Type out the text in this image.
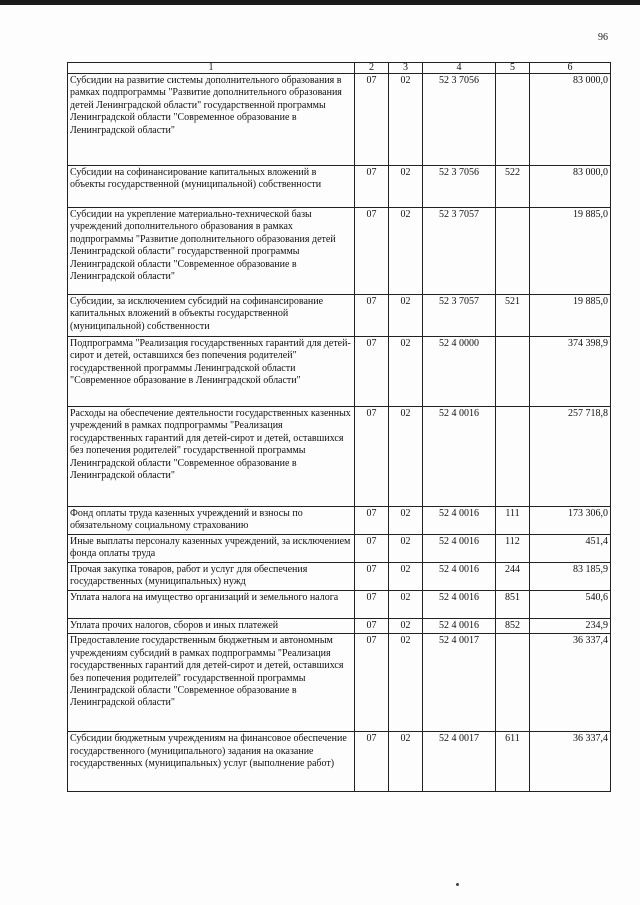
96
1	2	3	4	5	6
Субсидии на развитие системы дополнительного образования в рамках подпрограммы "Развитие дополнительного образования детей Ленинградской области" государственной программы Ленинградской области "Современное образование в Ленинградской области"	07	02	52 3 7056		83 000,0
Субсидии на софинансирование капитальных вложений в объекты государственной (муниципальной) собственности	07	02	52 3 7056	522	83 000,0
Субсидии на укрепление материально-технической базы учреждений дополнительного образования в рамках подпрограммы "Развитие дополнительного образования детей Ленинградской области" государственной программы Ленинградской области "Современное образование в Ленинградской области"	07	02	52 3 7057		19 885,0
Субсидии, за исключением субсидий на софинансирование капитальных вложений в объекты государственной (муниципальной) собственности	07	02	52 3 7057	521	19 885,0
Подпрограмма "Реализация государственных гарантий для детей-сирот и детей, оставшихся без попечения родителей" государственной программы Ленинградской области "Современное образование в Ленинградской области"	07	02	52 4 0000		374 398,9
Расходы на обеспечение деятельности государственных казенных учреждений в рамках подпрограммы "Реализация государственных гарантий для детей-сирот и детей, оставшихся без попечения родителей" государственной программы Ленинградской области "Современное образование в Ленинградской области"	07	02	52 4 0016		257 718,8
Фонд оплаты труда казенных учреждений и взносы по обязательному социальному страхованию	07	02	52 4 0016	111	173 306,0
Иные выплаты персоналу казенных учреждений, за исключением фонда оплаты труда	07	02	52 4 0016	112	451,4
Прочая закупка товаров, работ и услуг для обеспечения государственных (муниципальных) нужд	07	02	52 4 0016	244	83 185,9
Уплата налога на имущество организаций и земельного налога	07	02	52 4 0016	851	540,6
Уплата прочих налогов, сборов и иных платежей	07	02	52 4 0016	852	234,9
Предоставление государственным бюджетным и автономным учреждениям субсидий в рамках подпрограммы "Реализация государственных гарантий для детей-сирот и детей, оставшихся без попечения родителей" государственной программы Ленинградской области "Современное образование в Ленинградской области"	07	02	52 4 0017		36 337,4
Субсидии бюджетным учреждениям на финансовое обеспечение государственного (муниципального) задания на оказание государственных (муниципальных) услуг (выполнение работ)	07	02	52 4 0017	611	36 337,4
